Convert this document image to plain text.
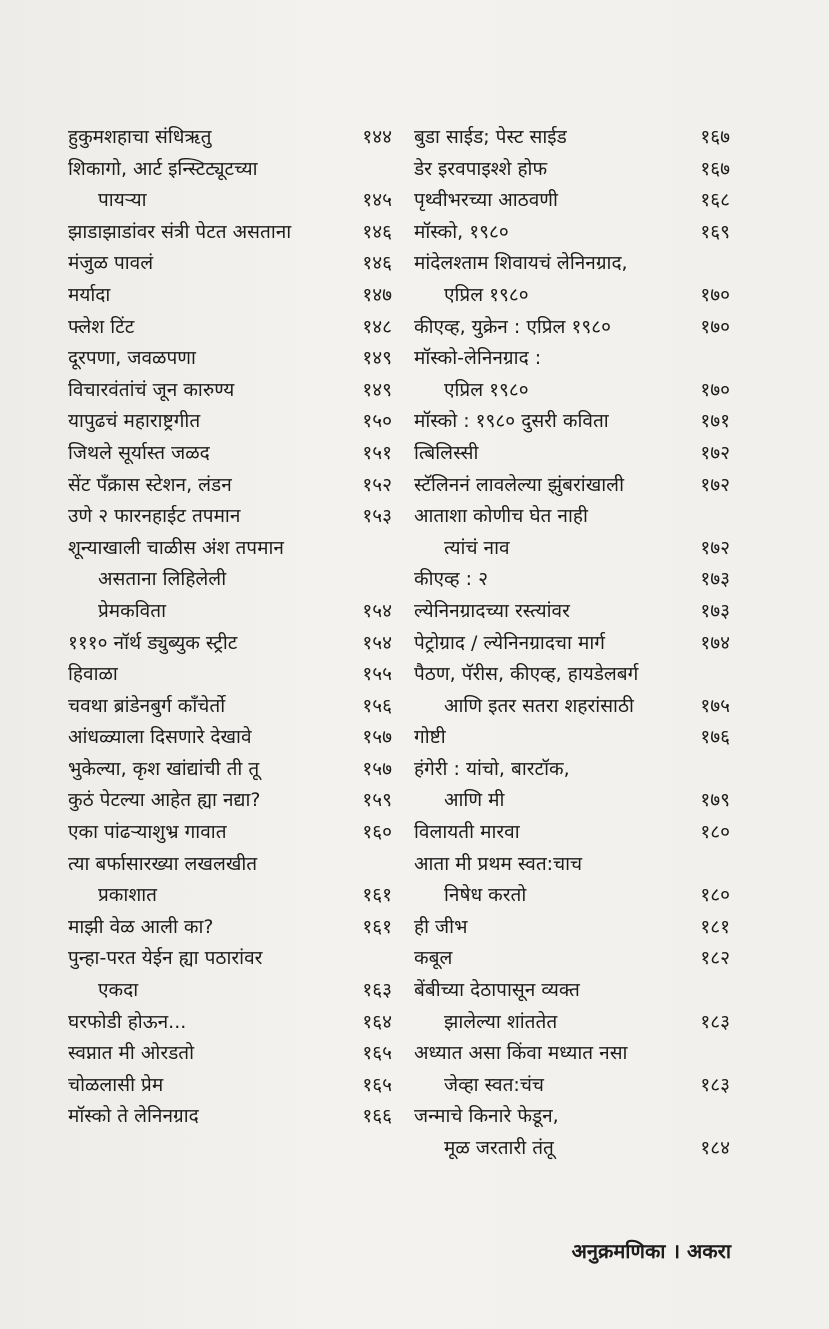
हुकुमशहाचा संधिऋतु	१४४
शिकागो, आर्ट इन्स्टिट्यूटच्या
पायऱ्या	१४५
झाडाझाडांवर संत्री पेटत असताना	१४६
मंजुळ पावलं	१४६
मर्यादा	१४७
फ्लेश टिंट	१४८
दूरपणा, जवळपणा	१४९
विचारवंतांचं जून कारुण्य	१४९
यापुढचं महाराष्ट्रगीत	१५०
जिथले सूर्यास्त जळद	१५१
सेंट पँक्रास स्टेशन, लंडन	१५२
उणे २ फारनहाईट तपमान	१५३
शून्याखाली चाळीस अंश तपमान
असताना लिहिलेली
प्रेमकविता	१५४
१११० नॉर्थ ड्युब्युक स्ट्रीट	१५४
हिवाळा	१५५
चवथा ब्रांडेनबुर्ग काँचेर्तो	१५६
आंधळ्याला दिसणारे देखावे	१५७
भुकेल्या, कृश खांद्यांची ती तू	१५७
कुठं पेटल्या आहेत ह्या नद्या?	१५९
एका पांढऱ्याशुभ्र गावात	१६०
त्या बर्फासारख्या लखलखीत
प्रकाशात	१६१
माझी वेळ आली का?	१६१
पुन्हा-परत येईन ह्या पठारांवर
एकदा	१६३
घरफोडी होऊन...	१६४
स्वप्नात मी ओरडतो	१६५
चोळलासी प्रेम	१६५
मॉस्को ते लेनिनग्राद	१६६
बुडा साईड; पेस्ट साईड	१६७
डेर इरवपाइश्शे होफ	१६७
पृथ्वीभरच्या आठवणी	१६८
मॉस्को, १९८०	१६९
मांदेलश्ताम शिवायचं लेनिनग्राद,
एप्रिल १९८०	१७०
कीएव्ह, युक्रेन : एप्रिल १९८०	१७०
मॉस्को-लेनिनग्राद :
एप्रिल १९८०	१७०
मॉस्को : १९८० दुसरी कविता	१७१
त्बिलिस्सी	१७२
स्टॅलिननं लावलेल्या झुंबरांखाली	१७२
आताशा कोणीच घेत नाही
त्यांचं नाव	१७२
कीएव्ह : २	१७३
ल्येनिनग्रादच्या रस्त्यांवर	१७३
पेट्रोग्राद / ल्येनिनग्रादचा मार्ग	१७४
पैठण, पॅरीस, कीएव्ह, हायडेलबर्ग
आणि इतर सतरा शहरांसाठी	१७५
गोष्टी	१७६
हंगेरी : यांचो, बारटॉक,
आणि मी	१७९
विलायती मारवा	१८०
आता मी प्रथम स्वत:चाच
निषेध करतो	१८०
ही जीभ	१८१
कबूल	१८२
बेंबीच्या देठापासून व्यक्त
झालेल्या शांततेत	१८३
अध्यात असा किंवा मध्यात नसा
जेव्हा स्वत:चंच	१८३
जन्माचे किनारे फेडून,
मूळ जरतारी तंतू	१८४
अनुक्रमणिका । अकरा
